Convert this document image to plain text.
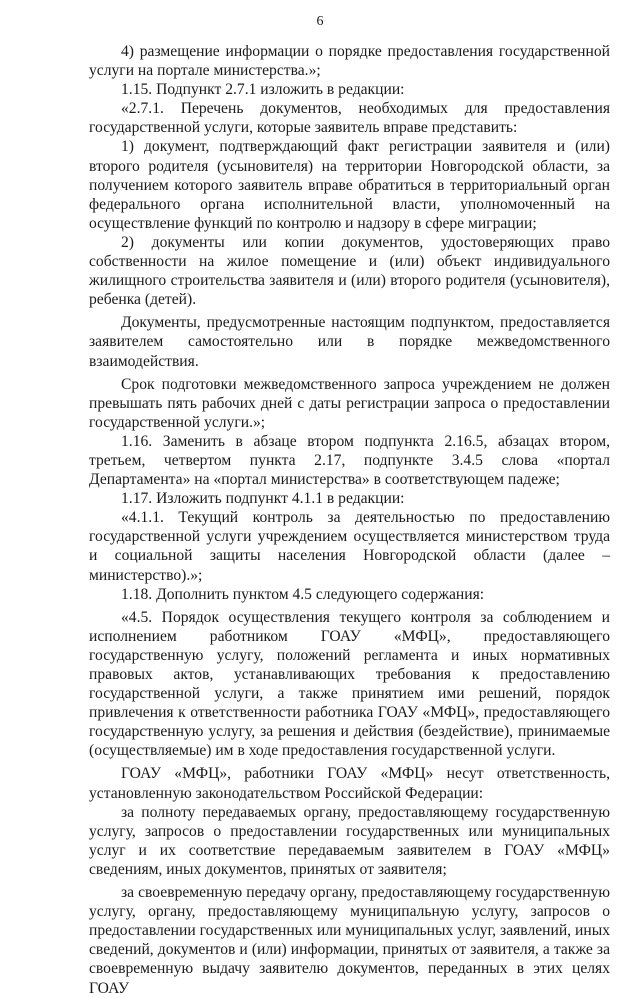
6

4) размещение информации о порядке предоставления государственной услуги на портале министерства.»;

1.15. Подпункт 2.7.1 изложить в редакции:

«2.7.1. Перечень документов, необходимых для предоставления государственной услуги, которые заявитель вправе представить:

1) документ, подтверждающий факт регистрации заявителя и (или) второго родителя (усыновителя) на территории Новгородской области, за получением которого заявитель вправе обратиться в территориальный орган федерального органа исполнительной власти, уполномоченный на осуществление функций по контролю и надзору в сфере миграции;

2) документы или копии документов, удостоверяющих право собственности на жилое помещение и (или) объект индивидуального жилищного строительства заявителя и (или) второго родителя (усыновителя), ребенка (детей).

Документы, предусмотренные настоящим подпунктом, предоставляется заявителем самостоятельно или в порядке межведомственного взаимодействия.

Срок подготовки межведомственного запроса учреждением не должен превышать пять рабочих дней с даты регистрации запроса о предоставлении государственной услуги.»;

1.16. Заменить в абзаце втором подпункта 2.16.5, абзацах втором, третьем, четвертом пункта 2.17, подпункте 3.4.5 слова «портал Департамента» на «портал министерства» в соответствующем падеже;

1.17. Изложить подпункт 4.1.1 в редакции:

«4.1.1. Текущий контроль за деятельностью по предоставлению государственной услуги учреждением осуществляется министерством труда и социальной защиты населения Новгородской области (далее – министерство).»;

1.18. Дополнить пунктом 4.5 следующего содержания:

«4.5. Порядок осуществления текущего контроля за соблюдением и исполнением работником ГОАУ «МФЦ», предоставляющего государственную услугу, положений регламента и иных нормативных правовых актов, устанавливающих требования к предоставлению государственной услуги, а также принятием ими решений, порядок привлечения к ответственности работника ГОАУ «МФЦ», предоставляющего государственную услугу, за решения и действия (бездействие), принимаемые (осуществляемые) им в ходе предоставления государственной услуги.

ГОАУ «МФЦ», работники ГОАУ «МФЦ» несут ответственность, установленную законодательством Российской Федерации:

за полноту передаваемых органу, предоставляющему государственную услугу, запросов о предоставлении государственных или муниципальных услуг и их соответствие передаваемым заявителем в ГОАУ «МФЦ» сведениям, иных документов, принятых от заявителя;

за своевременную передачу органу, предоставляющему государственную услугу, органу, предоставляющему муниципальную услугу, запросов о предоставлении государственных или муниципальных услуг, заявлений, иных сведений, документов и (или) информации, принятых от заявителя, а также за своевременную выдачу заявителю документов, переданных в этих целях ГОАУ
